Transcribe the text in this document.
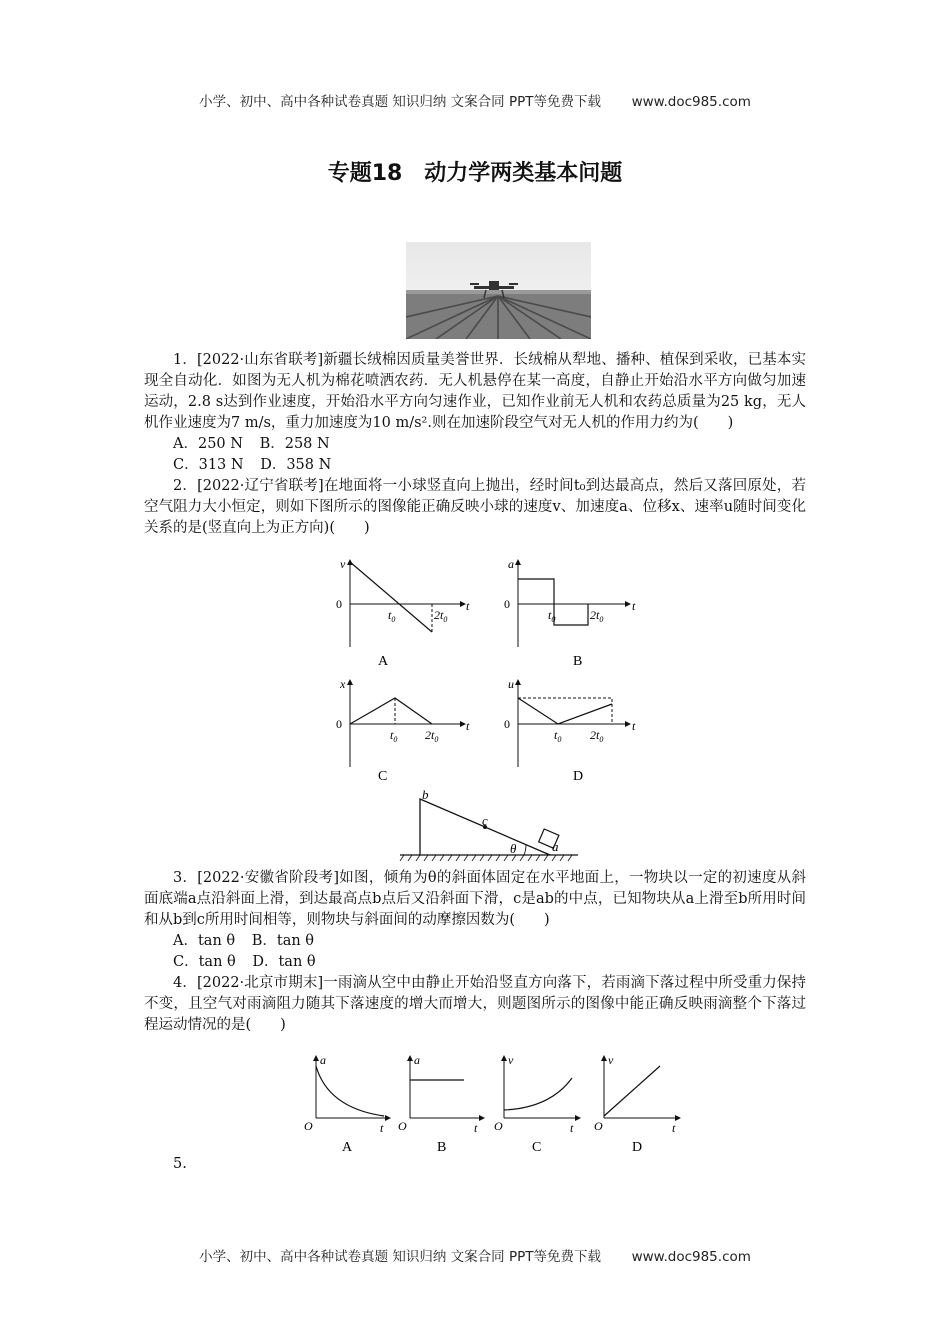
小学、初中、高中各种试卷真题 知识归纳 文案合同 PPT等免费下载 www.doc985.com
专题18　动力学两类基本问题

1．[2022·山东省联考]新疆长绒棉因质量美誉世界．长绒棉从犁地、播种、植保到采收，已基本实现全自动化．如图为无人机为棉花喷洒农药．无人机悬停在某一高度，自静止开始沿水平方向做匀加速运动，2.8 s达到作业速度，开始沿水平方向匀速作业，已知作业前无人机和农药总质量为25 kg，无人机作业速度为7 m/s，重力加速度为10 m/s².则在加速阶段空气对无人机的作用力约为(　　)

A．250 N B．258 N

C．313 N D．358 N

2．[2022·辽宁省联考]在地面将一小球竖直向上抛出，经时间t₀到达最高点，然后又落回原处，若空气阻力大小恒定，则如下图所示的图像能正确反映小球的速度v、加速度a、位移x、速率u随时间变化关系的是(竖直向上为正方向)(　　)

v
0
$t_0$	$2t_0$
t
A
a
0
$t_0$	$2t_0$
t
B
x
0
$t_0$ $2t_0$
t
C
u
0
$t_0$ $2t_0$
t
D
b
c
a
θ

3．[2022·安徽省阶段考]如图，倾角为θ的斜面体固定在水平地面上，一物块以一定的初速度从斜面底端a点沿斜面上滑，到达最高点b点后又沿斜面下滑，c是ab的中点，已知物块从a上滑至b所用时间和从b到c所用时间相等，则物块与斜面间的动摩擦因数为(　　)

A．tan θ B．tan θ

C．tan θ D．tan θ

4．[2022·北京市期末]一雨滴从空中由静止开始沿竖直方向落下，若雨滴下落过程中所受重力保持不变，且空气对雨滴阻力随其下落速度的增大而增大，则题图所示的图像中能正确反映雨滴整个下落过程运动情况的是(　　)

a
O	t
A
a
O	t
B
v
O	t
C
v
O	t
D

5.

小学、初中、高中各种试卷真题 知识归纳 文案合同 PPT等免费下载 www.doc985.com
